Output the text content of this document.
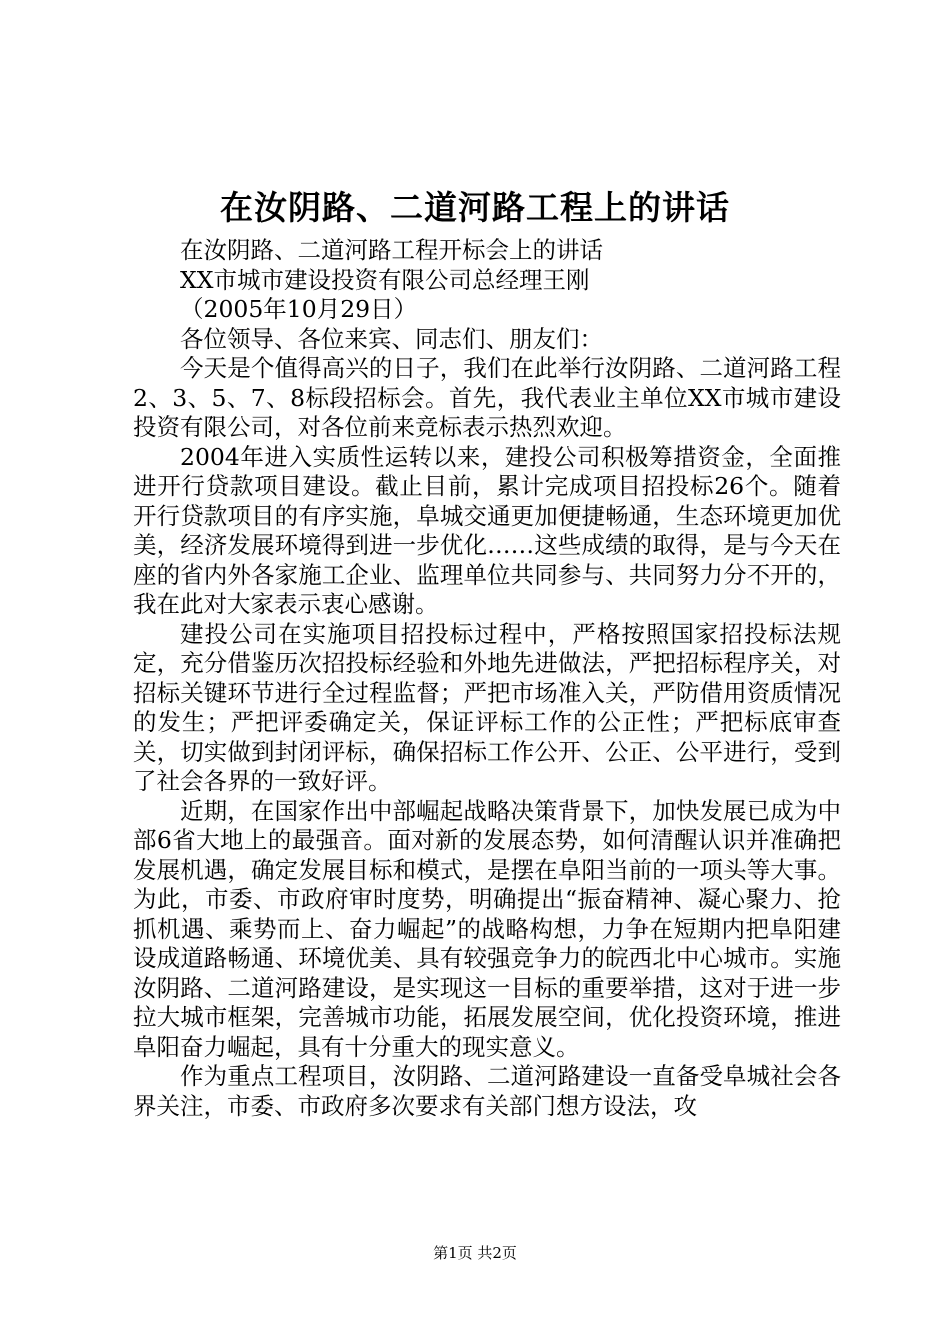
在汝阴路、二道河路工程上的讲话

在汝阴路、二道河路工程开标会上的讲话

XX市城市建设投资有限公司总经理王刚

（2005年10月29日）

各位领导、各位来宾、同志们、朋友们：

今天是个值得高兴的日子，我们在此举行汝阴路、二道河路工程2、3、5、7、8标段招标会。首先，我代表业主单位XX市城市建设投资有限公司，对各位前来竞标表示热烈欢迎。

2004年进入实质性运转以来，建投公司积极筹措资金，全面推进开行贷款项目建设。截止目前，累计完成项目招投标26个。随着开行贷款项目的有序实施，阜城交通更加便捷畅通，生态环境更加优美，经济发展环境得到进一步优化……这些成绩的取得，是与今天在座的省内外各家施工企业、监理单位共同参与、共同努力分不开的，我在此对大家表示衷心感谢。

建投公司在实施项目招投标过程中，严格按照国家招投标法规定，充分借鉴历次招投标经验和外地先进做法，严把招标程序关，对招标关键环节进行全过程监督；严把市场准入关，严防借用资质情况的发生；严把评委确定关，保证评标工作的公正性；严把标底审查关，切实做到封闭评标，确保招标工作公开、公正、公平进行，受到了社会各界的一致好评。

近期，在国家作出中部崛起战略决策背景下，加快发展已成为中部6省大地上的最强音。面对新的发展态势，如何清醒认识并准确把发展机遇，确定发展目标和模式，是摆在阜阳当前的一项头等大事。为此，市委、市政府审时度势，明确提出“振奋精神、凝心聚力、抢抓机遇、乘势而上、奋力崛起”的战略构想，力争在短期内把阜阳建设成道路畅通、环境优美、具有较强竞争力的皖西北中心城市。实施汝阴路、二道河路建设，是实现这一目标的重要举措，这对于进一步拉大城市框架，完善城市功能，拓展发展空间，优化投资环境，推进阜阳奋力崛起，具有十分重大的现实意义。

作为重点工程项目，汝阴路、二道河路建设一直备受阜城社会各界关注，市委、市政府多次要求有关部门想方设法，攻

第1页 共2页
